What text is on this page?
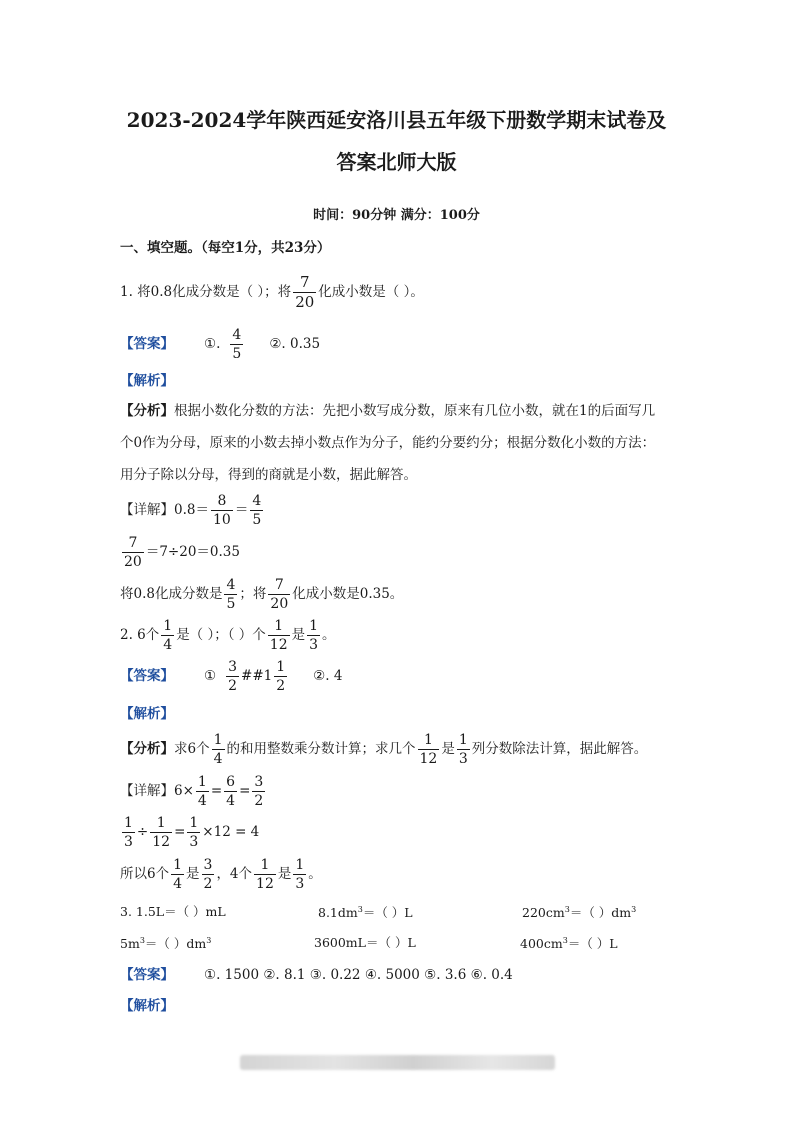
2023-2024学年陕西延安洛川县五年级下册数学期末试卷及
答案北师大版
时间：90分钟 满分：100分
一、填空题。（每空1分，共23分）
1. 将0.8化成分数是（ ）；将 $\frac{7}{20}$ 化成小数是（ ）。
【答案】 ①. $\frac{4}{5}$ ②. 0.35
【解析】
【分析】根据小数化分数的方法：先把小数写成分数，原来有几位小数，就在1的后面写几
个0作为分母，原来的小数去掉小数点作为分子，能约分要约分；根据分数化小数的方法：
用分子除以分母，得到的商就是小数，据此解答。
【详解】$0.8= \frac{8}{10} = \frac{4}{5}$
$\frac{7}{20} =7\div 20=0.35$
将0.8化成分数是 $\frac{4}{5}$ ；将 $\frac{7}{20}$ 化成小数是0.35。
2. 6个 $\frac{1}{4}$ 是（ ）；（ ）个 $\frac{1}{12}$ 是 $\frac{1}{3}$ 。
【答案】 ① $\frac{3}{2}$ ##1 $\frac{1}{2}$ ②. 4
【解析】
【分析】求6个 $\frac{1}{4}$ 的和用整数乘分数计算；求几个 $\frac{1}{12}$ 是 $\frac{1}{3}$ 列分数除法计算，据此解答。
【详解】$6\times \frac{1}{4} = \frac{6}{4} = \frac{3}{2}$
$\frac{1}{3} \div \frac{1}{12} = \frac{1}{3} \times 12 = 4$
所以6个 $\frac{1}{4}$ 是 $\frac{3}{2}$ ，4个 $\frac{1}{12}$ 是 $\frac{1}{3}$ 。
3. 1.5L＝（ ）mL	$8.1dm^3=$（ ）L	$220cm^3=$（ ）$dm^3$
$5m^3=$（ ）$dm^3$	3600mL＝（ ）L	$400cm^3=$（ ）L
【答案】 ①. 1500 ②. 8.1 ③. 0.22 ④. 5000 ⑤. 3.6 ⑥. 0.4
【解析】
